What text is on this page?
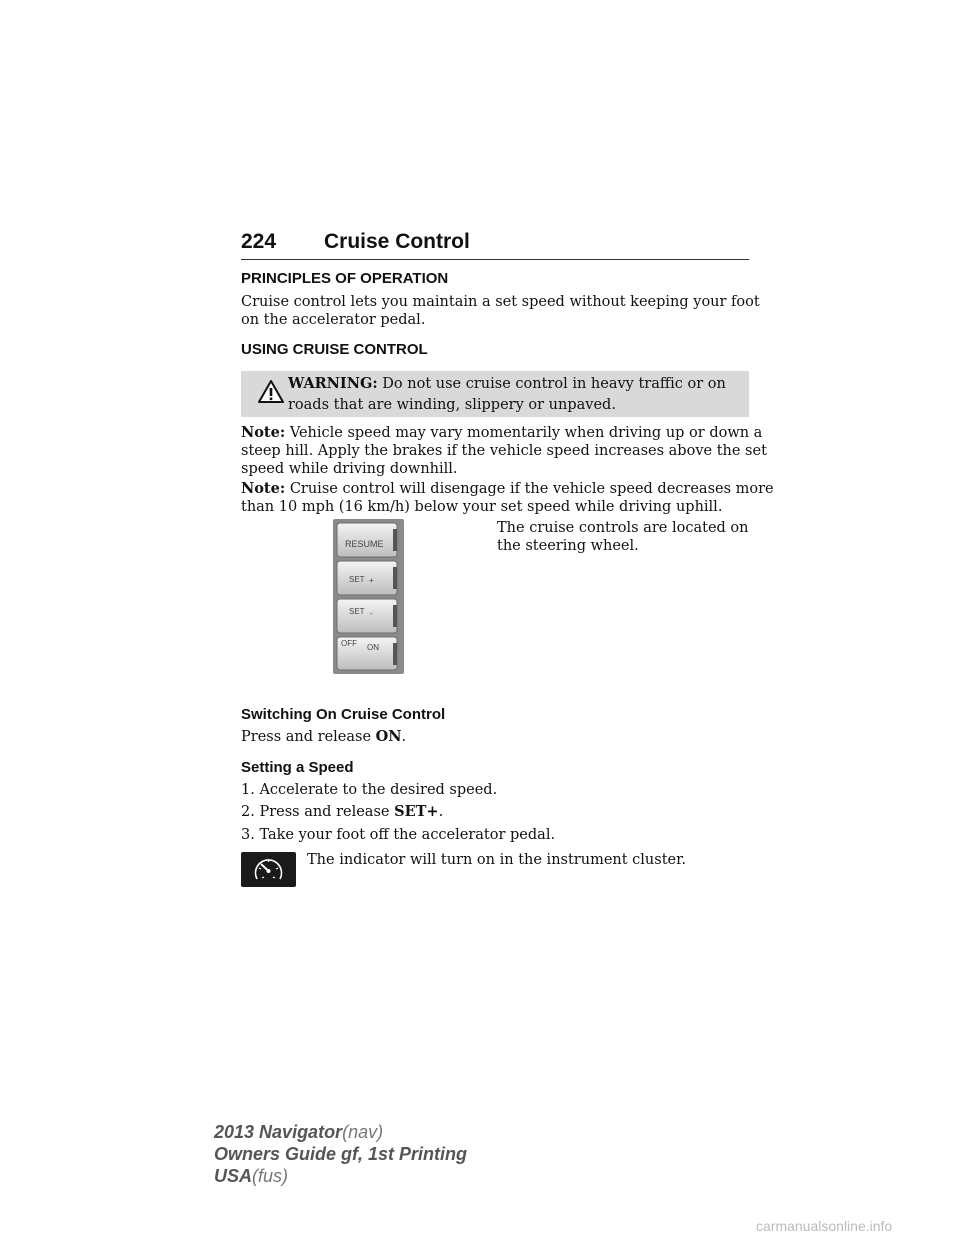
224 Cruise Control
PRINCIPLES OF OPERATION
Cruise control lets you maintain a set speed without keeping your foot
on the accelerator pedal.
USING CRUISE CONTROL
WARNING: Do not use cruise control in heavy traffic or on
roads that are winding, slippery or unpaved.
Note: Vehicle speed may vary momentarily when driving up or down a
steep hill. Apply the brakes if the vehicle speed increases above the set
speed while driving downhill.
Note: Cruise control will disengage if the vehicle speed decreases more
than 10 mph (16 km/h) below your set speed while driving uphill.
The cruise controls are located on
the steering wheel.
RESUME
SET +
SET -
OFF ON
Switching On Cruise Control
Press and release ON.
Setting a Speed
1. Accelerate to the desired speed.
2. Press and release SET+.
3. Take your foot off the accelerator pedal.
The indicator will turn on in the instrument cluster.
2013 Navigator(nav)
Owners Guide gf, 1st Printing
USA(fus)
carmanualsonline.info
